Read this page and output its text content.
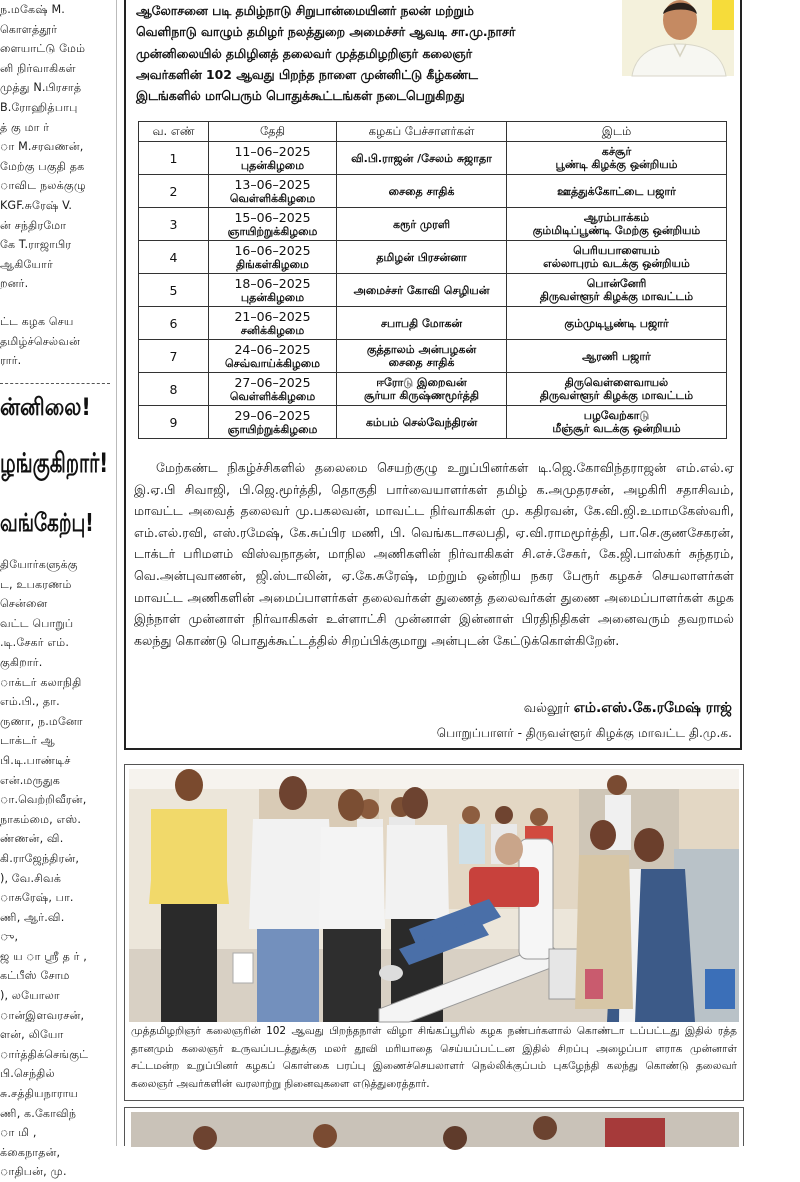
ந.மகேஷ் M.
கொளத்தூர்
ளையாட்டு மேம்
னி நிர்வாகிகள்
முத்து N.பிரசாத்
B.ரோஹித்பாபு
த் கு மா ர்
ா M.சரவணன்,
மேற்கு பகுதி தக
ாவிட நலக்குழு
KGF.சுரேஷ் V.
ன் சந்திரமோ
கே T.ராஜாபிர
ஆகியோர்
றனர்.
ட்ட கழக செய
தமிழ்ச்செல்வன்
ரார்.
ன்னிலை!
ழங்குகிறார்!
வங்கேற்பு!
தியோர்களுக்கு
ட, உபகரணம்
சென்னை
வட்ட பொறுப்
.டி.சேகர் எம்.
குகிறார்.
ாக்டர் கலாநிதி
எம்.பி., தா.
ருணா, ந.மனோ
டாக்டர் ஆ
பி.டி.பாண்டிச்
என்.மருதுக
ா.வெற்றிவீரன்,
நாகம்மை, எஸ்.
ண்ணன், வி.
கி.ராஜேந்திரன்,
), வே.சிவக்
ாசுரேஷ், பா.
ணி, ஆர்.வி.
ு,
ஜ ய ா ஸ்ரீ த ர் ,
கட்பீஸ் சோம
), லயோலா
ான்இளவரசன்,
ளன், லியோ
ார்த்திக்செங்குட்
பி.செந்தில்
சு.சத்தியநாராய
ணி, க.கோவிந்
ா மி ,
க்கைநாதன்,
ாதிபன், மு.
ஆலோசனை படி தமிழ்நாடு சிறுபான்மையினர் நலன் மற்றும்
வெளிநாடு வாழும் தமிழர் நலத்துறை அமைச்சர் ஆவடி சா.மு.நாசர்
முன்னிலையில் தமிழினத் தலைவர் முத்தமிழறிஞர் கலைஞர்
அவர்களின் 102 ஆவது பிறந்த நாளை முன்னிட்டு கீழ்கண்ட
இடங்களில் மாபெரும் பொதுக்கூட்டங்கள் நடைபெறுகிறது
வ. எண்	தேதி	கழகப் பேச்சாளர்கள்	இடம்
1	11–06–2025
புதன்கிழமை	வி.பி.ராஜன் /சேலம் சுஜாதா	கச்சூர்
பூண்டி கிழக்கு ஒன்றியம்

2	13–06–2025
வெள்ளிக்கிழமை	சைதை சாதிக்	ஊத்துக்கோட்டை பஜார்

3	15–06–2025
ஞாயிற்றுக்கிழமை	கரூர் முரளி	ஆரம்பாக்கம்
கும்மிடிப்பூண்டி மேற்கு ஒன்றியம்

4	16–06–2025
திங்கள்கிழமை	தமிழன் பிரசன்னா	பெரியபாளையம்
எல்லாபுரம் வடக்கு ஒன்றியம்

5	18–06–2025
புதன்கிழமை	அமைச்சர் கோவி செழியன்	பொன்னேரி
திருவள்ளூர் கிழக்கு மாவட்டம்

6	21–06–2025
சனிக்கிழமை	சபாபதி மோகன்	கும்முடிபூண்டி பஜார்

7	24–06–2025
செவ்வாய்க்கிழமை	குத்தாலம் அன்பழகன்
சைதை சாதிக்	ஆரணி பஜார்

8	27–06–2025
வெள்ளிக்கிழமை	ஈரோடு இறைவன்
சூர்யா கிருஷ்ணமூர்த்தி	திருவெள்ளைவாயல்
திருவள்ளூர் கிழக்கு மாவட்டம்

9	29–06–2025
ஞாயிற்றுக்கிழமை	கம்பம் செல்வேந்திரன்	பழவேற்காடு
மீஞ்சூர் வடக்கு ஒன்றியம்

மேற்கண்ட நிகழ்ச்சிகளில் தலைமை செயற்குழு உறுப்பினர்கள் டி.ஜெ.கோவிந்தராஜன் எம்.எல்.ஏ இ.ஏ.பி சிவாஜி, பி.ஜெ.மூர்த்தி, தொகுதி பார்வையாளர்கள் தமிழ் க.அமுதரசன், அழகிரி சதாசிவம், மாவட்ட அவைத் தலைவர் மு.பகலவன், மாவட்ட நிர்வாகிகள் மு. கதிரவன், கே.வி.ஜி.உமாமகேஸ்வரி, எம்.எல்.ரவி, எஸ்.ரமேஷ், கே.சுப்பிர மணி, பி. வெங்கடாசலபதி, ஏ.வி.ராமமூர்த்தி, பா.செ.குணசேகரன், டாக்டர் பரிமளம் விஸ்வநாதன், மாநில அணிகளின் நிர்வாகிகள் சி.எச்.சேகர், கே.ஜி.பாஸ்கர் சுந்தரம், வெ.அன்புவாணன், ஜி.ஸ்டாலின், ஏ.கே.சுரேஷ், மற்றும் ஒன்றிய நகர பேரூர் கழகச் செயலாளர்கள் மாவட்ட அணிகளின் அமைப்பாளர்கள் தலைவர்கள் துணைத் தலைவர்கள் துணை அமைப்பாளர்கள் கழக இந்நாள் முன்னாள் நிர்வாகிகள் உள்ளாட்சி முன்னாள் இன்னாள் பிரதிநிதிகள் அனைவரும் தவறாமல் கலந்து கொண்டு பொதுக்கூட்டத்தில் சிறப்பிக்குமாறு அன்புடன் கேட்டுக்கொள்கிறேன்.

வல்லூர் எம்.எஸ்.கே.ரமேஷ் ராஜ்
பொறுப்பாளர் - திருவள்ளூர் கிழக்கு மாவட்ட தி.மு.க.
முத்தமிழறிஞர் கலைஞரின் 102 ஆவது பிறந்தநாள் விழா சிங்கப்பூரில் கழக நண்பர்களால் கொண்டா டப்பட்டது இதில் ரத்த தானமும் கலைஞர் உருவப்படத்துக்கு மலர் தூவி மரியாதை செய்யப்பட்டன இதில் சிறப்பு அழைப்பா ளராக முன்னாள் சட்டமன்ற உறுப்பினர் கழகப் கொள்கை பரப்பு இணைச்செயலாளர் நெல்லிக்குப்பம் புகழேந்தி கலந்து கொண்டு தலைவர் கலைஞர் அவர்களின் வரலாற்று நினைவுகளை எடுத்துரைத்தார்.
